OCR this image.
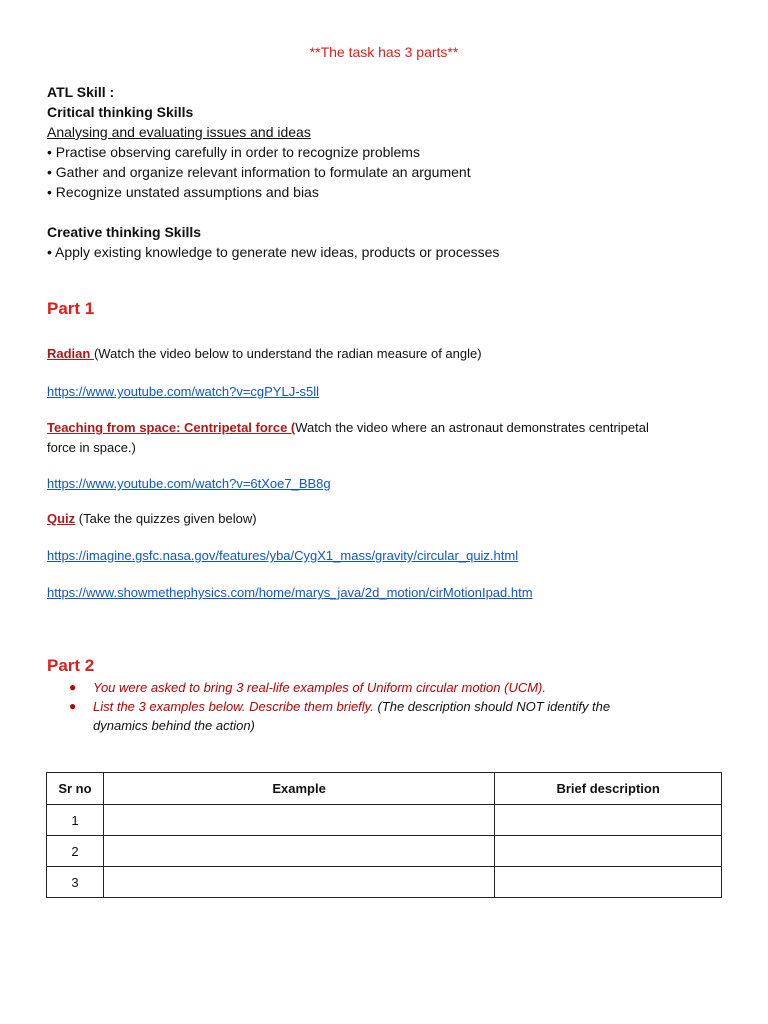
**The task has 3 parts**
ATL Skill :
Critical thinking Skills
Analysing and evaluating issues and ideas
• Practise observing carefully in order to recognize problems
• Gather and organize relevant information to formulate an argument
• Recognize unstated assumptions and bias
Creative thinking Skills
• Apply existing knowledge to generate new ideas, products or processes
Part 1
Radian (Watch the video below to understand the radian measure of angle)
https://www.youtube.com/watch?v=cgPYLJ-s5ll
Teaching from space: Centripetal force (Watch the video where an astronaut demonstrates centripetal
force in space.)
https://www.youtube.com/watch?v=6tXoe7_BB8g
Quiz (Take the quizzes given below)
https://imagine.gsfc.nasa.gov/features/yba/CygX1_mass/gravity/circular_quiz.html
https://www.showmethephysics.com/home/marys_java/2d_motion/cirMotionIpad.htm
Part 2
● You were asked to bring 3 real-life examples of Uniform circular motion (UCM).
● List the 3 examples below. Describe them briefly. (The description should NOT identify the
dynamics behind the action)
Sr no	Example	Brief description
1		
2		
3		
